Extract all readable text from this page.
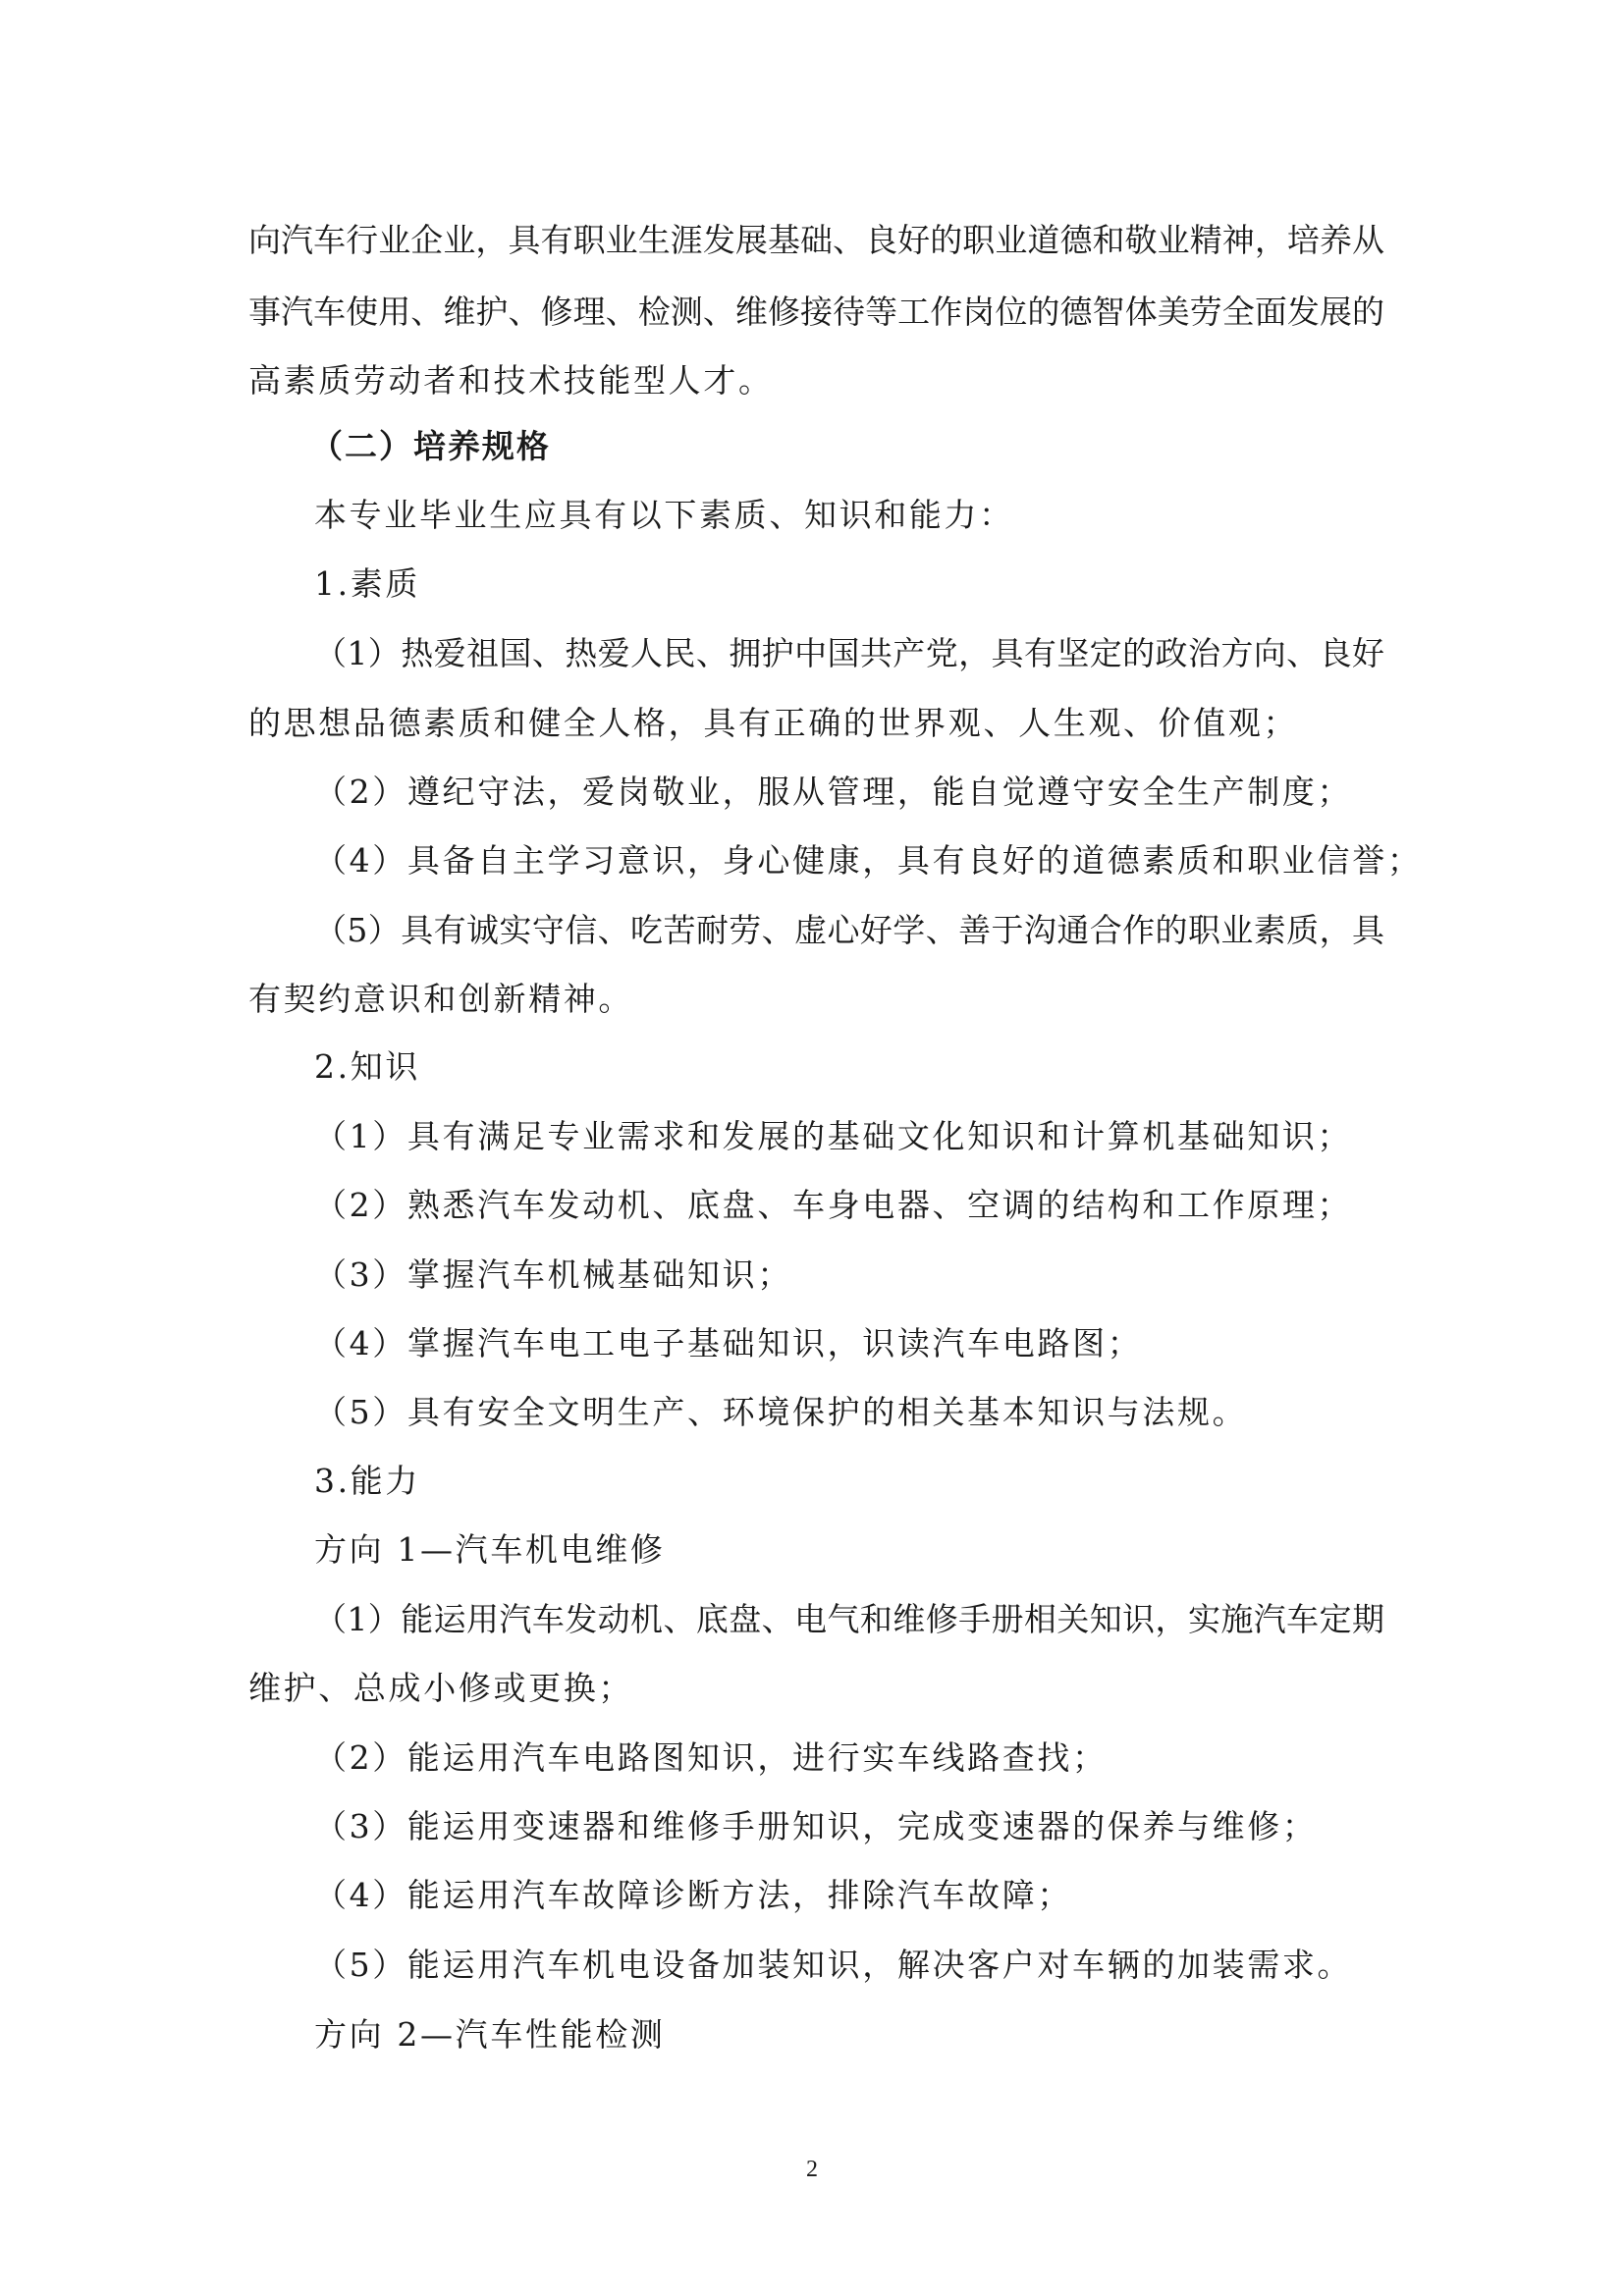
向汽车行业企业，具有职业生涯发展基础、良好的职业道德和敬业精神，培养从
事汽车使用、维护、修理、检测、维修接待等工作岗位的德智体美劳全面发展的
高素质劳动者和技术技能型人才。
（二）培养规格
本专业毕业生应具有以下素质、知识和能力：
1.素质
（1）热爱祖国、热爱人民、拥护中国共产党，具有坚定的政治方向、良好
的思想品德素质和健全人格，具有正确的世界观、人生观、价值观；
（2）遵纪守法，爱岗敬业，服从管理，能自觉遵守安全生产制度；
（4）具备自主学习意识，身心健康，具有良好的道德素质和职业信誉；
（5）具有诚实守信、吃苦耐劳、虚心好学、善于沟通合作的职业素质，具
有契约意识和创新精神。
2.知识
（1）具有满足专业需求和发展的基础文化知识和计算机基础知识；
（2）熟悉汽车发动机、底盘、车身电器、空调的结构和工作原理；
（3）掌握汽车机械基础知识；
（4）掌握汽车电工电子基础知识，识读汽车电路图；
（5）具有安全文明生产、环境保护的相关基本知识与法规。
3.能力
方向 1—汽车机电维修
（1）能运用汽车发动机、底盘、电气和维修手册相关知识，实施汽车定期
维护、总成小修或更换；
（2）能运用汽车电路图知识，进行实车线路查找；
（3）能运用变速器和维修手册知识，完成变速器的保养与维修；
（4）能运用汽车故障诊断方法，排除汽车故障；
（5）能运用汽车机电设备加装知识，解决客户对车辆的加装需求。
方向 2—汽车性能检测
2
